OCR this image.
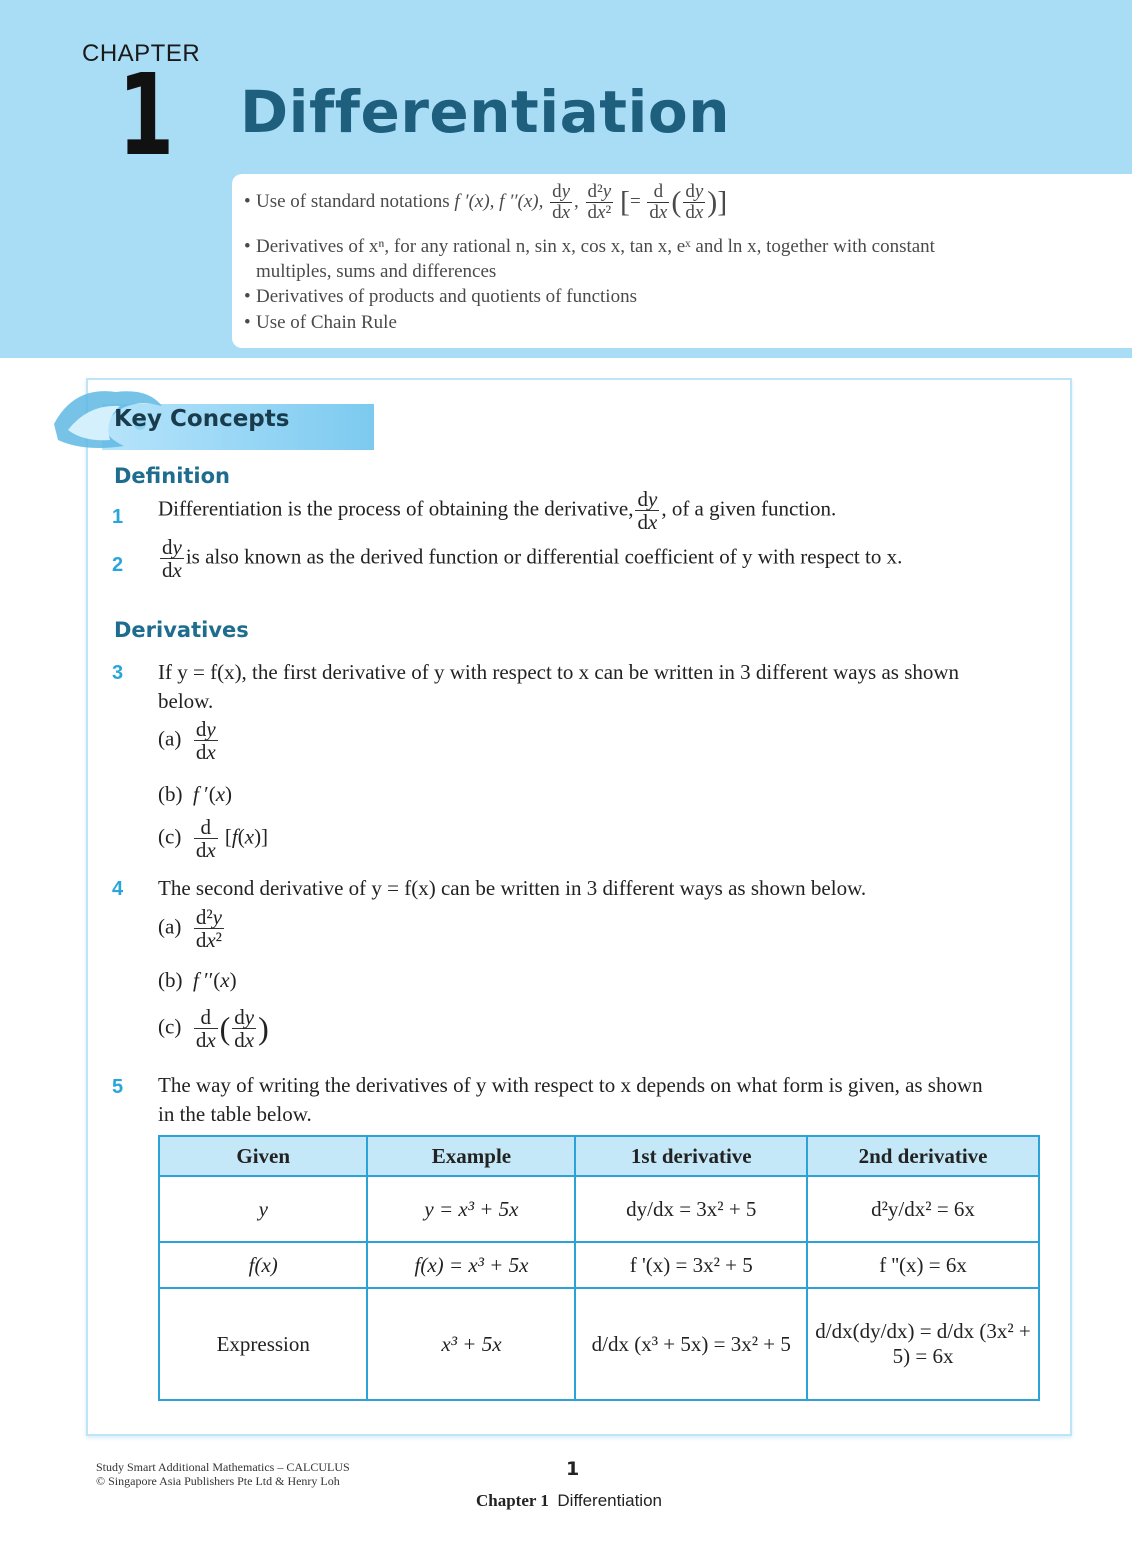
CHAPTER
1 Differentiation
• Use of standard notations f ′(x), f ′′(x), $\frac{dy}{dx}$ , $\frac{\text{d²y}}{\text{dx²}}$ [= $\frac{d}{dx}$ ( $\frac{dy}{dx}$ )]
• Derivatives of xⁿ, for any rational n, sin x, cos x, tan x, eˣ and ln x, together with constant
multiples, sums and differences
• Derivatives of products and quotients of functions
• Use of Chain Rule
Key Concepts
Definition
1 Differentiation is the process of obtaining the derivative, $\frac{dy}{dx}$ , of a given function.
$2 \frac{dy}{dx}$ is also known as the derived function or differential coefficient of y with respect to x.
Derivatives
3 If y = f(x), the first derivative of y with respect to x can be written in 3 different ways as shown
below.
$(a) \frac{dy}{dx}$
(b)  f ′(x)
$(c) \frac{d}{dx} [f(x)]$
4 The second derivative of y = f(x) can be written in 3 different ways as shown below.
$(a) \frac{\text{d²y}}{\text{dx²}}$
(b)  f ′′(x)
$(c) \frac{d}{dx}$ ( $\frac{dy}{dx}$ )
5 The way of writing the derivatives of y with respect to x depends on what form is given, as shown
in the table below.
Given	Example	1st derivative	2nd derivative
y	y = x³ + 5x	dy/dx = 3x² + 5	d²y/dx² = 6x
f(x)	f(x) = x³ + 5x	f '(x) = 3x² + 5	f ''(x) = 6x
Expression	x³ + 5x	d/dx (x³ + 5x) = 3x² + 5	d/dx(dy/dx) = d/dx (3x² + 5) = 6x
Study Smart Additional Mathematics – CALCULUS
© Singapore Asia Publishers Pte Ltd & Henry Loh
1
Chapter 1 Differentiation
